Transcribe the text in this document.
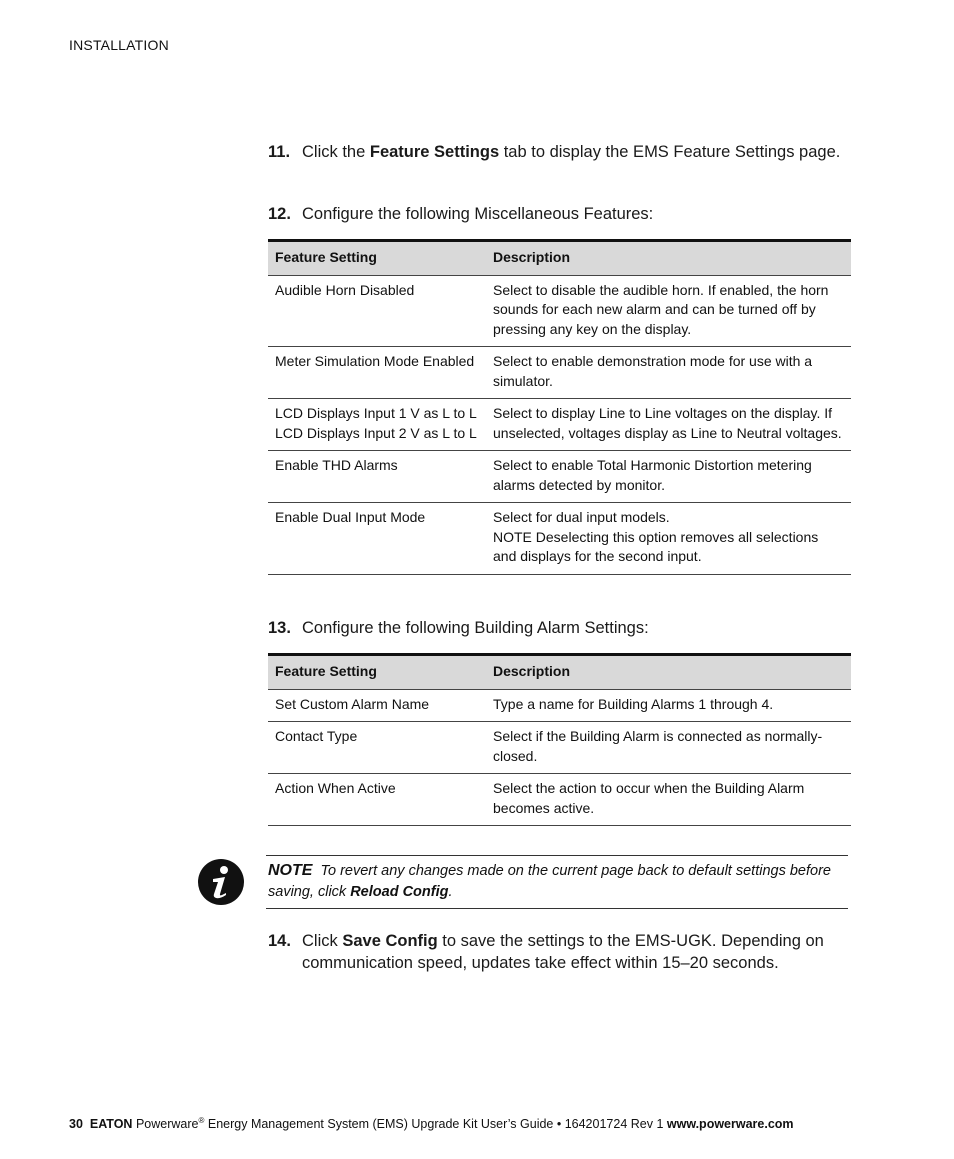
INSTALLATION
11. Click the Feature Settings tab to display the EMS Feature Settings page.
12. Configure the following Miscellaneous Features:
Feature Setting	Description

Audible Horn Disabled	Select to disable the audible horn. If enabled, the horn sounds for each new alarm and can be turned off by pressing any key on the display.

Meter Simulation Mode Enabled	Select to enable demonstration mode for use with a simulator.

LCD Displays Input 1 V as L to L
LCD Displays Input 2 V as L to L	Select to display Line to Line voltages on the display. If unselected, voltages display as Line to Neutral voltages.

Enable THD Alarms	Select to enable Total Harmonic Distortion metering alarms detected by monitor.

Enable Dual Input Mode	Select for dual input models.
NOTE Deselecting this option removes all selections and displays for the second input.
13. Configure the following Building Alarm Settings:
Feature Setting	Description
Set Custom Alarm Name	Type a name for Building Alarms 1 through 4.
Contact Type	Select if the Building Alarm is connected as normally-closed.
Action When Active	Select the action to occur when the Building Alarm becomes active.
NOTE To revert any changes made on the current page back to default settings before saving, click Reload Config.
14. Click Save Config to save the settings to the EMS-UGK. Depending on communication speed, updates take effect within 15–20 seconds.
30 EATON Powerware® Energy Management System (EMS) Upgrade Kit User’s Guide • 164201724 Rev 1 www.powerware.com
